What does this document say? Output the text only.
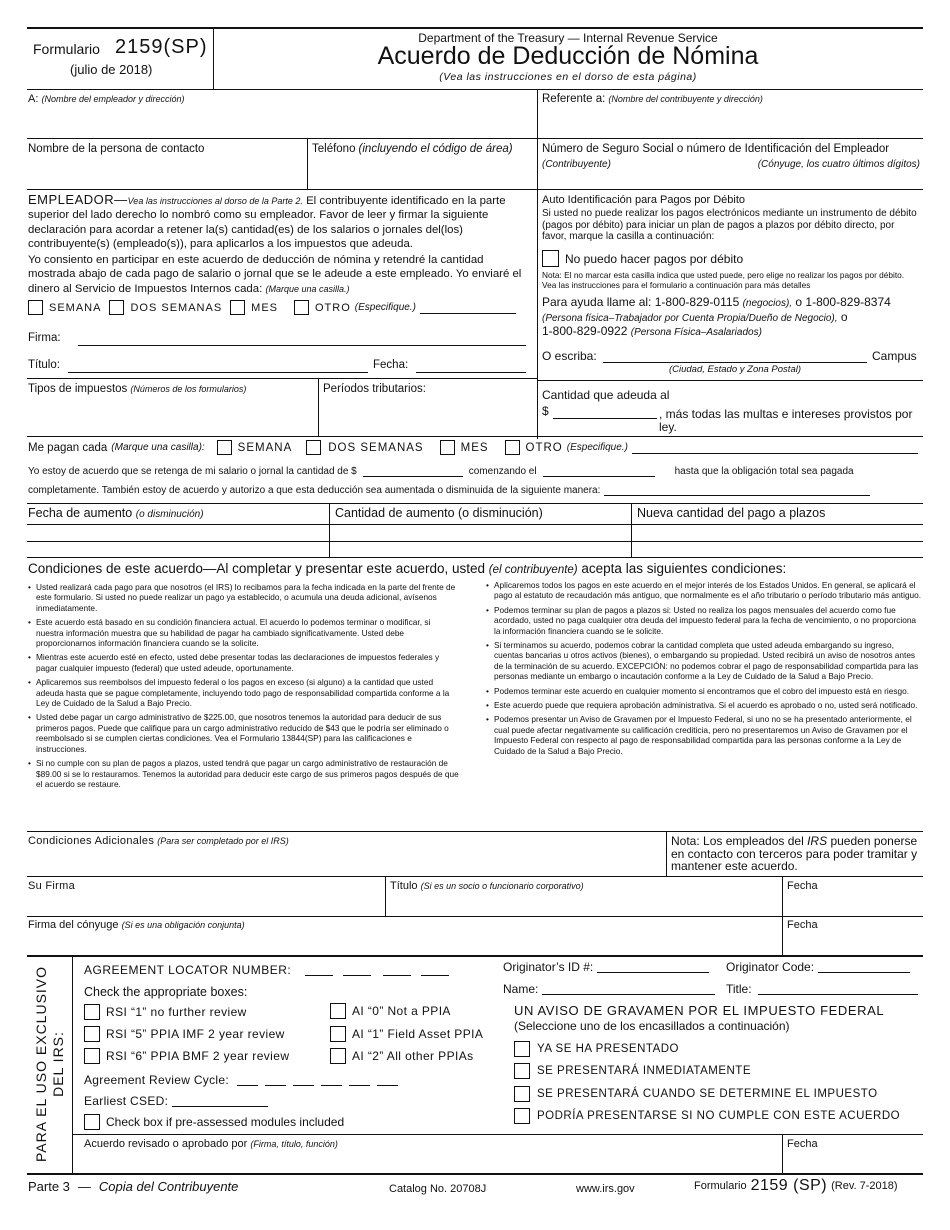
Formulario 2159(SP)
(julio de 2018)
Department of the Treasury — Internal Revenue Service
Acuerdo de Deducción de Nómina
(Vea las instrucciones en el dorso de esta página)
A: (Nombre del empleador y dirección)	Referente a: (Nombre del contribuyente y dirección)
Nombre de la persona de contacto	Teléfono (incluyendo el código de área)	Número de Seguro Social o número de Identificación del Empleador
(Contribuyente)	(Cónyuge, los cuatro últimos dígitos)
EMPLEADOR—Vea las instrucciones al dorso de la Parte 2. El contribuyente identificado en la parte superior del lado derecho lo nombró como su empleador. Favor de leer y firmar la siguiente declaración para acordar a retener la(s) cantidad(es) de los salarios o jornales del(los) contribuyente(s) (empleado(s)), para aplicarlos a los impuestos que adeuda.
Yo consiento en participar en este acuerdo de deducción de nómina y retendré la cantidad mostrada abajo de cada pago de salario o jornal que se le adeude a este empleado. Yo enviaré el dinero al Servicio de Impuestos Internos cada: (Marque una casilla.)
SEMANA	DOS SEMANAS	MES	OTRO (Especifique.)
Firma:
Título:	Fecha:
Tipos de impuestos (Números de los formularios)	Períodos tributarios:
Auto Identificación para Pagos por Débito
Si usted no puede realizar los pagos electrónicos mediante un instrumento de débito (pagos por débito) para iniciar un plan de pagos a plazos por débito directo, por favor, marque la casilla a continuación:
No puedo hacer pagos por débito
Nota: El no marcar esta casilla indica que usted puede, pero elige no realizar los pagos por débito. Vea las instrucciones para el formulario a continuación para más detalles
Para ayuda llame al: 1-800-829-0115 (negocios), o 1-800-829-8374
(Persona física–Trabajador por Cuenta Propia/Dueño de Negocio), o
1-800-829-0922 (Persona Física–Asalariados)
O escriba:	Campus
(Ciudad, Estado y Zona Postal)
Cantidad que adeuda al
$	, más todas las multas e intereses provistos por ley.
Me pagan cada (Marque una casilla):	SEMANA	DOS SEMANAS	MES	OTRO (Especifique.)
Yo estoy de acuerdo que se retenga de mi salario o jornal la cantidad de $	comenzando el	hasta que la obligación total sea pagada
completamente. También estoy de acuerdo y autorizo a que esta deducción sea aumentada o disminuida de la siguiente manera:
Fecha de aumento (o disminución)	Cantidad de aumento (o disminución)	Nueva cantidad del pago a plazos
Condiciones de este acuerdo—Al completar y presentar este acuerdo, usted (el contribuyente) acepta las siguientes condiciones:
• Usted realizará cada pago para que nosotros (el IRS) lo recibamos para la fecha indicada en la parte del frente de este formulario. Si usted no puede realizar un pago ya establecido, o acumula una deuda adicional, avísenos inmediatamente.
• Este acuerdo está basado en su condición financiera actual. El acuerdo lo podemos terminar o modificar, si nuestra información muestra que su habilidad de pagar ha cambiado significativamente. Usted debe proporcionarnos información financiera cuando se la solicite.
• Mientras este acuerdo esté en efecto, usted debe presentar todas las declaraciones de impuestos federales y pagar cualquier impuesto (federal) que usted adeude, oportunamente.
• Aplicaremos sus reembolsos del impuesto federal o los pagos en exceso (si alguno) a la cantidad que usted adeuda hasta que se pague completamente, incluyendo todo pago de responsabilidad compartida conforme a la Ley de Cuidado de la Salud a Bajo Precio.
• Usted debe pagar un cargo administrativo de $225.00, que nosotros tenemos la autoridad para deducir de sus primeros pagos. Puede que califique para un cargo administrativo reducido de $43 que le podría ser eliminado o reembolsado si se cumplen ciertas condiciones. Vea el Formulario 13844(SP) para las calificaciones e instrucciones.
• Si no cumple con su plan de pagos a plazos, usted tendrá que pagar un cargo administrativo de restauración de $89.00 si se lo restauramos. Tenemos la autoridad para deducir este cargo de sus primeros pagos después de que el acuerdo se restaure.
• Aplicaremos todos los pagos en este acuerdo en el mejor interés de los Estados Unidos. En general, se aplicará el pago al estatuto de recaudación más antiguo, que normalmente es el año tributario o período tributario más antiguo.
• Podemos terminar su plan de pagos a plazos si: Usted no realiza los pagos mensuales del acuerdo como fue acordado, usted no paga cualquier otra deuda del impuesto federal para la fecha de vencimiento, o no proporciona la información financiera cuando se le solicite.
• Si terminamos su acuerdo, podemos cobrar la cantidad completa que usted adeuda embargando su ingreso, cuentas bancarias u otros activos (bienes), o embargando su propiedad. Usted recibirá un aviso de nosotros antes de la terminación de su acuerdo. EXCEPCIÓN: no podemos cobrar el pago de responsabilidad compartida para las personas mediante un embargo o incautación conforme a la Ley de Cuidado de la Salud a Bajo Precio.
• Podemos terminar este acuerdo en cualquier momento si encontramos que el cobro del impuesto está en riesgo.
• Este acuerdo puede que requiera aprobación administrativa. Si el acuerdo es aprobado o no, usted será notificado.
• Podemos presentar un Aviso de Gravamen por el Impuesto Federal, si uno no se ha presentado anteriormente, el cual puede afectar negativamente su calificación crediticia, pero no presentaremos un Aviso de Gravamen por el Impuesto Federal con respecto al pago de responsabilidad compartida para las personas conforme a la Ley de Cuidado de la Salud a Bajo Precio.
Condiciones Adicionales (Para ser completado por el IRS)	Nota: Los empleados del IRS pueden ponerse en contacto con terceros para poder tramitar y mantener este acuerdo.
Su Firma	Título (Si es un socio o funcionario corporativo)	Fecha
Firma del cónyuge (Si es una obligación conjunta)	Fecha
PARA EL USO EXCLUSIVO DEL IRS:
AGREEMENT LOCATOR NUMBER:
Check the appropriate boxes:
RSI “1” no further review
RSI “5” PPIA IMF 2 year review
RSI “6” PPIA BMF 2 year review
AI “0” Not a PPIA
AI “1” Field Asset PPIA
AI “2” All other PPIAs
Agreement Review Cycle:
Earliest CSED:
Check box if pre-assessed modules included
Originator’s ID #:	Originator Code:
Name:	Title:
UN AVISO DE GRAVAMEN POR EL IMPUESTO FEDERAL
(Seleccione uno de los encasillados a continuación)
YA SE HA PRESENTADO
SE PRESENTARÁ INMEDIATAMENTE
SE PRESENTARÁ CUANDO SE DETERMINE EL IMPUESTO
PODRÍA PRESENTARSE SI NO CUMPLE CON ESTE ACUERDO
Acuerdo revisado o aprobado por (Firma, título, función)	Fecha
Parte 3 — Copia del Contribuyente	Catalog No. 20708J	www.irs.gov	Formulario 2159 (SP) (Rev. 7-2018)
